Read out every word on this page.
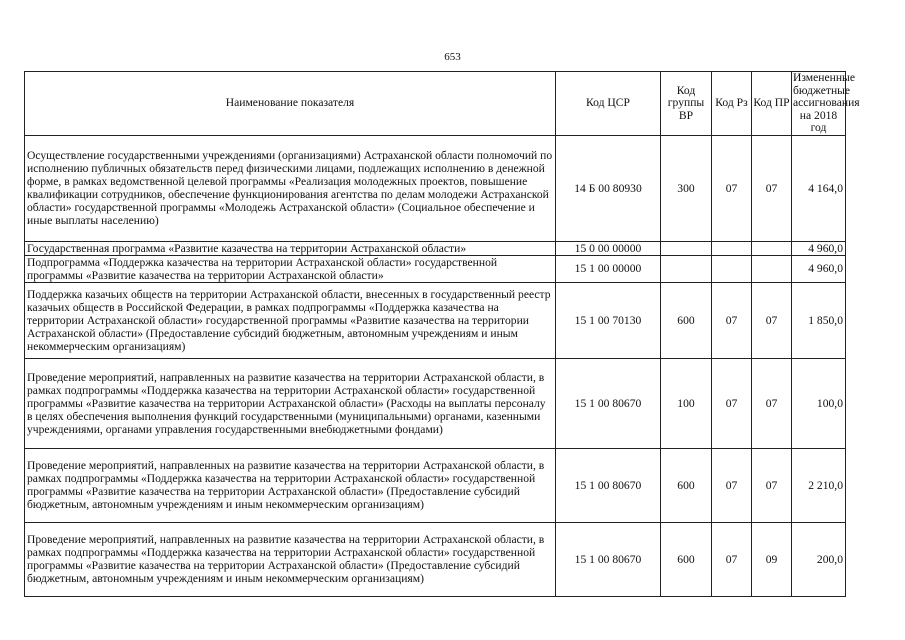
653
Наименование показателя	Код ЦСР	Код группы ВР	Код Рз	Код ПР	Измененные бюджетные ассигнования на 2018 год
Осуществление государственными учреждениями (организациями) Астраханской области полномочий по исполнению публичных обязательств перед физическими лицами, подлежащих исполнению в денежной форме, в рамках ведомственной целевой программы «Реализация молодежных проектов, повышение квалификации сотрудников, обеспечение функционирования агентства по делам молодежи Астраханской области» государственной программы «Молодежь Астраханской области» (Социальное обеспечение и иные выплаты населению)	14 Б 00 80930	300	07	07	4 164,0
Государственная программа «Развитие казачества на территории Астраханской области»	15 0 00 00000				4 960,0
Подпрограмма «Поддержка казачества на территории Астраханской области» государственной программы «Развитие казачества на территории Астраханской области»	15 1 00 00000				4 960,0
Поддержка казачьих обществ на территории Астраханской области, внесенных в государственный реестр казачьих обществ в Российской Федерации, в рамках подпрограммы «Поддержка казачества на территории Астраханской области» государственной программы «Развитие казачества на территории Астраханской области» (Предоставление субсидий бюджетным, автономным учреждениям и иным некоммерческим организациям)	15 1 00 70130	600	07	07	1 850,0
Проведение мероприятий, направленных на развитие казачества на территории Астраханской области, в рамках подпрограммы «Поддержка казачества на территории Астраханской области» государственной программы «Развитие казачества на территории Астраханской области» (Расходы на выплаты персоналу в целях обеспечения выполнения функций государственными (муниципальными) органами, казенными учреждениями, органами управления государственными внебюджетными фондами)	15 1 00 80670	100	07	07	100,0
Проведение мероприятий, направленных на развитие казачества на территории Астраханской области, в рамках подпрограммы «Поддержка казачества на территории Астраханской области» государственной программы «Развитие казачества на территории Астраханской области» (Предоставление субсидий бюджетным, автономным учреждениям и иным некоммерческим организациям)	15 1 00 80670	600	07	07	2 210,0
Проведение мероприятий, направленных на развитие казачества на территории Астраханской области, в рамках подпрограммы «Поддержка казачества на территории Астраханской области» государственной программы «Развитие казачества на территории Астраханской области» (Предоставление субсидий бюджетным, автономным учреждениям и иным некоммерческим организациям)	15 1 00 80670	600	07	09	200,0
